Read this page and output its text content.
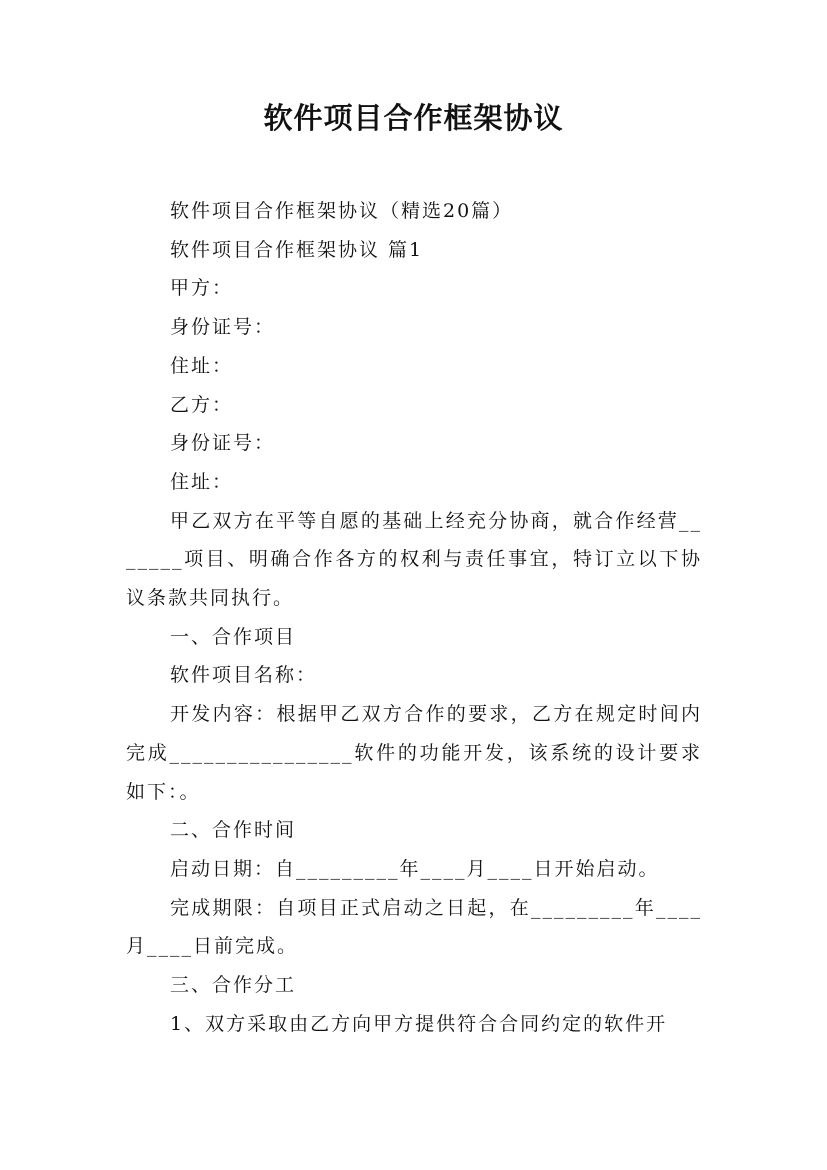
软件项目合作框架协议

软件项目合作框架协议（精选20篇）

软件项目合作框架协议 篇1

甲方：

身份证号：

住址：

乙方：

身份证号：

住址：

甲乙双方在平等自愿的基础上经充分协商，就合作经营_______项目、明确合作各方的权利与责任事宜，特订立以下协议条款共同执行。

一、合作项目

软件项目名称：

开发内容：根据甲乙双方合作的要求，乙方在规定时间内完成________________软件的功能开发，该系统的设计要求如下：。

二、合作时间

启动日期：自_________年____月____日开始启动。

完成期限：自项目正式启动之日起，在_________年____月____日前完成。

三、合作分工

1、双方采取由乙方向甲方提供符合合同约定的软件开
